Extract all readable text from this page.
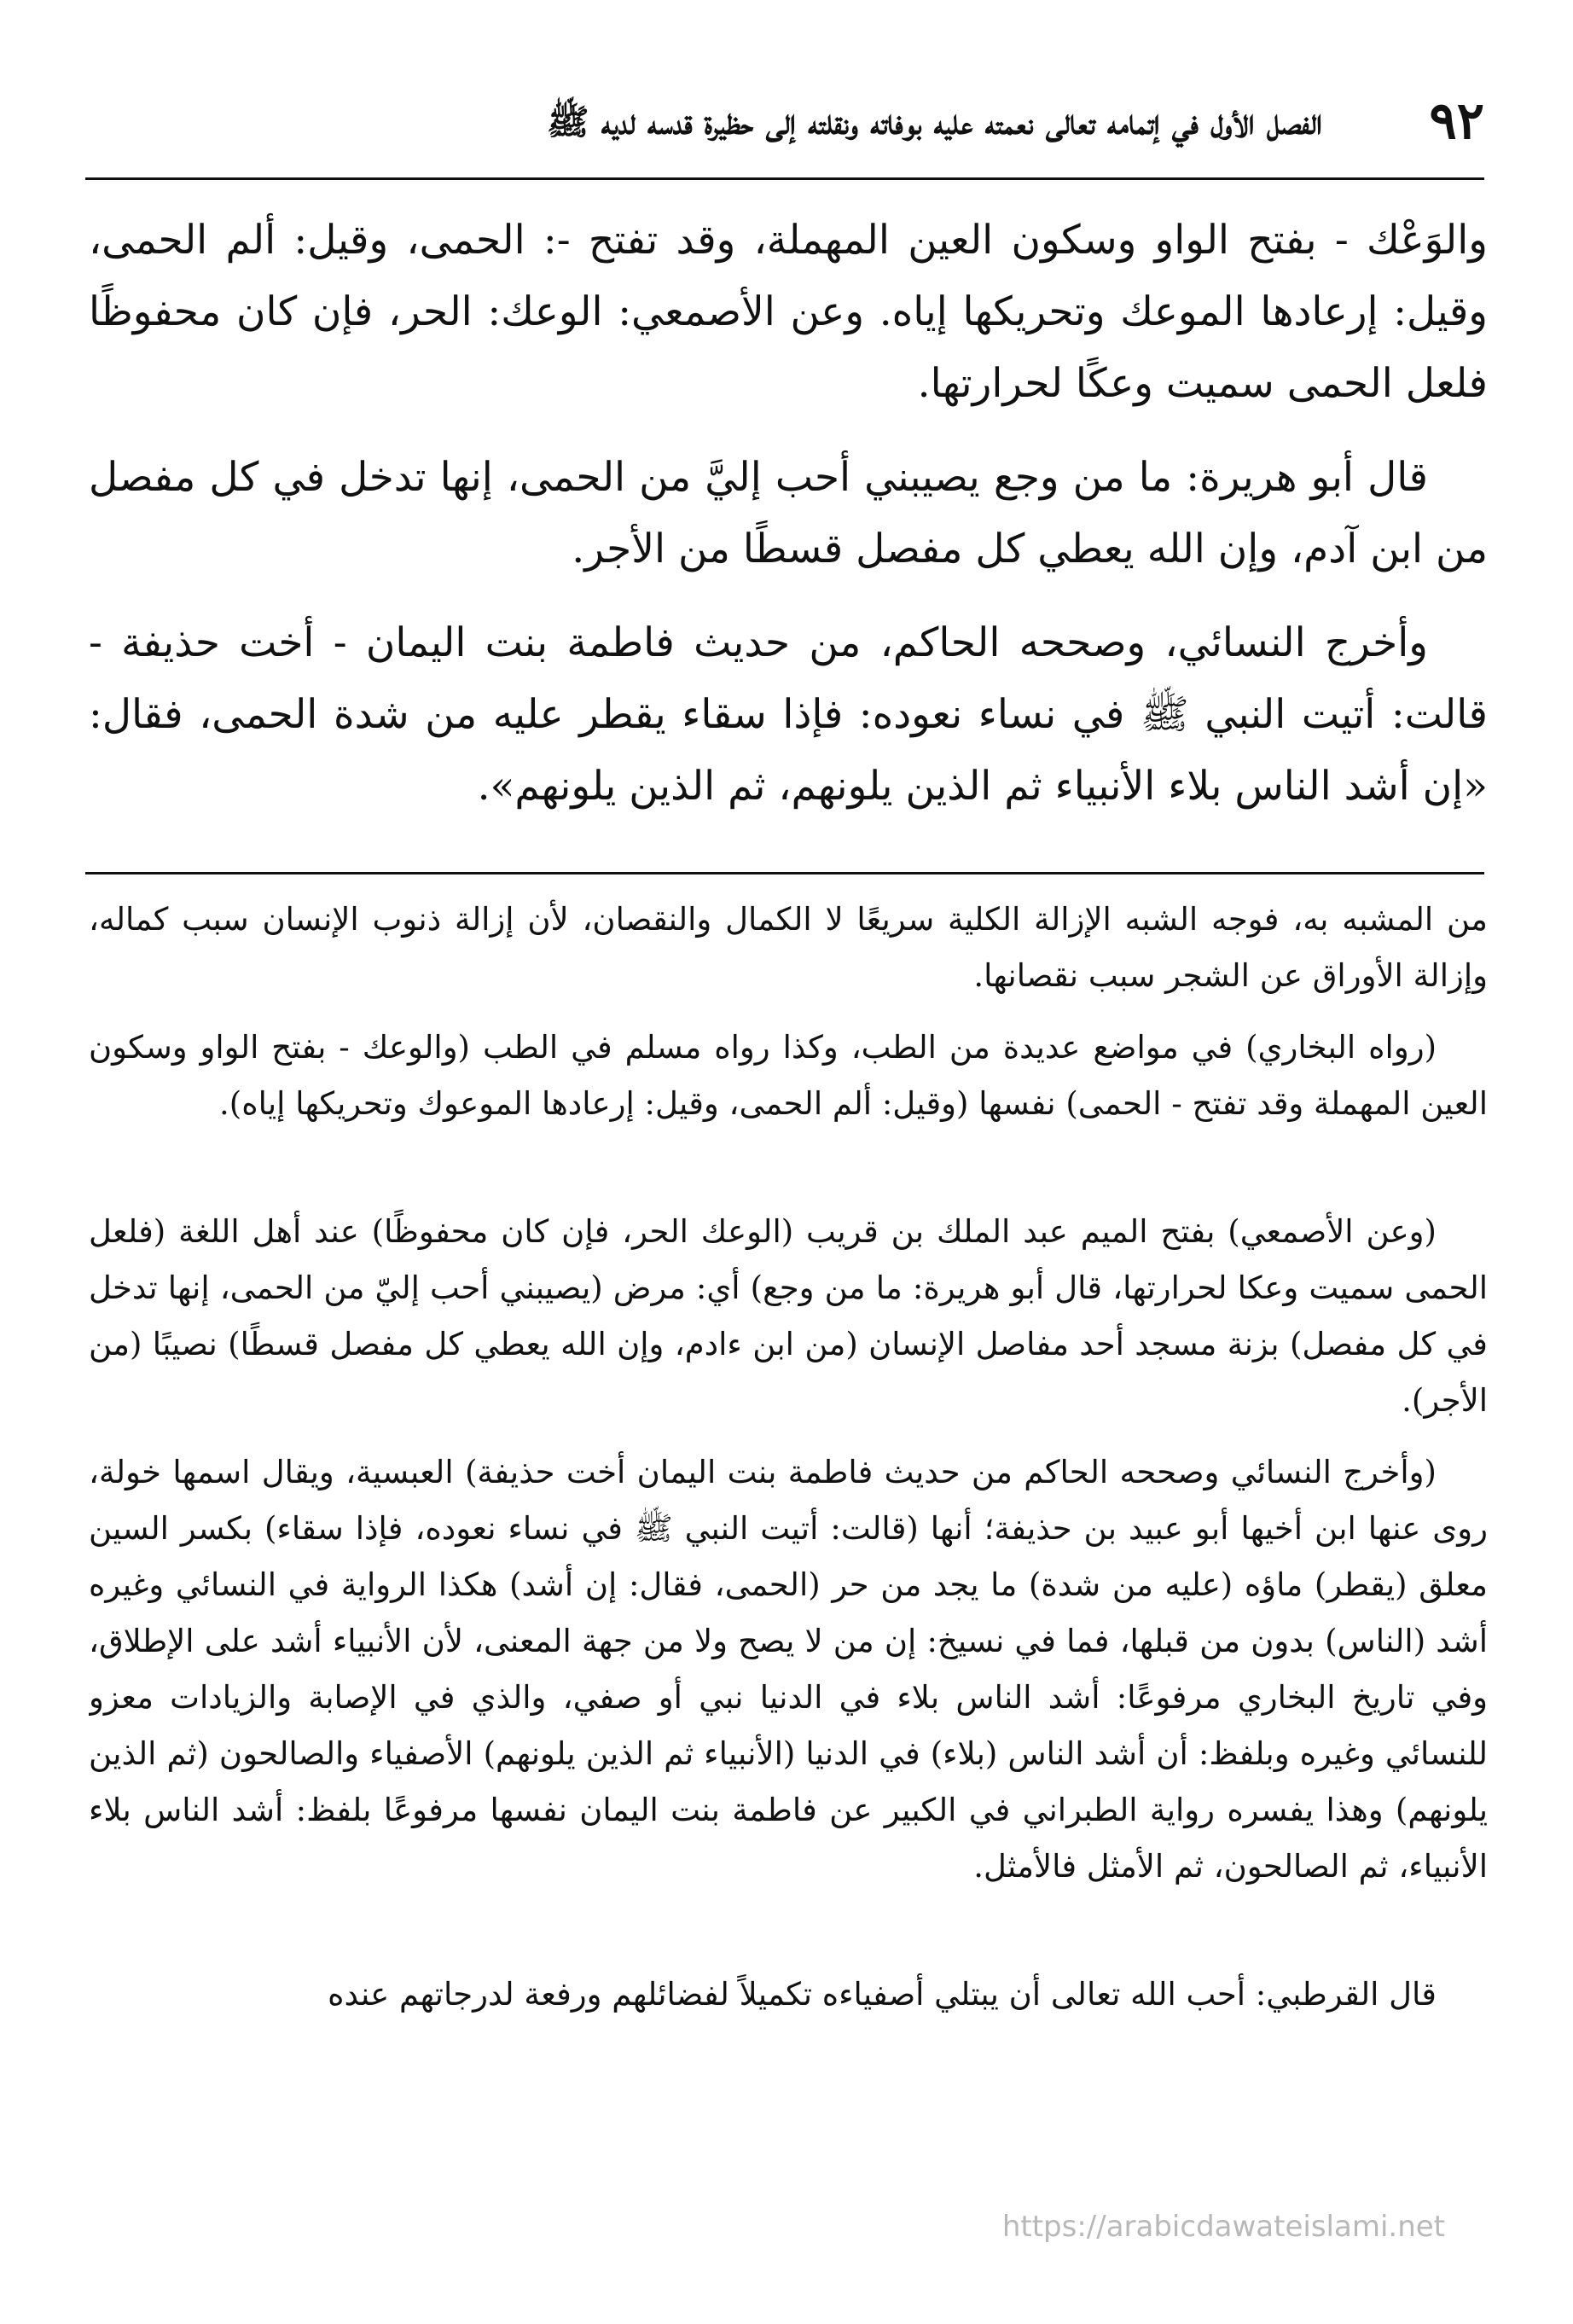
٩٢
الفصل الأول في إتمامه تعالى نعمته عليه بوفاته ونقلته إلى حظيرة قدسه لديه ﷺ

والوَعْك - بفتح الواو وسكون العين المهملة، وقد تفتح -: الحمى، وقيل: ألم الحمى، وقيل: إرعادها الموعك وتحريكها إياه. وعن الأصمعي: الوعك: الحر، فإن كان محفوظًا فلعل الحمى سميت وعكًا لحرارتها.

قال أبو هريرة: ما من وجع يصيبني أحب إليَّ من الحمى، إنها تدخل في كل مفصل من ابن آدم، وإن الله يعطي كل مفصل قسطًا من الأجر.

وأخرج النسائي، وصححه الحاكم، من حديث فاطمة بنت اليمان - أخت حذيفة - قالت: أتيت النبي ﷺ في نساء نعوده: فإذا سقاء يقطر عليه من شدة الحمى، فقال: «إن أشد الناس بلاء الأنبياء ثم الذين يلونهم، ثم الذين يلونهم».

من المشبه به، فوجه الشبه الإزالة الكلية سريعًا لا الكمال والنقصان، لأن إزالة ذنوب الإنسان سبب كماله، وإزالة الأوراق عن الشجر سبب نقصانها.

(رواه البخاري) في مواضع عديدة من الطب، وكذا رواه مسلم في الطب (والوعك - بفتح الواو وسكون العين المهملة وقد تفتح - الحمى) نفسها (وقيل: ألم الحمى، وقيل: إرعادها الموعوك وتحريكها إياه).

(وعن الأصمعي) بفتح الميم عبد الملك بن قريب (الوعك الحر، فإن كان محفوظًا) عند أهل اللغة (فلعل الحمى سميت وعكا لحرارتها، قال أبو هريرة: ما من وجع) أي: مرض (يصيبني أحب إليّ من الحمى، إنها تدخل في كل مفصل) بزنة مسجد أحد مفاصل الإنسان (من ابن ءادم، وإن الله يعطي كل مفصل قسطًا) نصيبًا (من الأجر).

(وأخرج النسائي وصححه الحاكم من حديث فاطمة بنت اليمان أخت حذيفة) العبسية، ويقال اسمها خولة، روى عنها ابن أخيها أبو عبيد بن حذيفة؛ أنها (قالت: أتيت النبي ﷺ في نساء نعوده، فإذا سقاء) بكسر السين معلق (يقطر) ماؤه (عليه من شدة) ما يجد من حر (الحمى، فقال: إن أشد) هكذا الرواية في النسائي وغيره أشد (الناس) بدون من قبلها، فما في نسيخ: إن من لا يصح ولا من جهة المعنى، لأن الأنبياء أشد على الإطلاق، وفي تاريخ البخاري مرفوعًا: أشد الناس بلاء في الدنيا نبي أو صفي، والذي في الإصابة والزيادات معزو للنسائي وغيره وبلفظ: أن أشد الناس (بلاء) في الدنيا (الأنبياء ثم الذين يلونهم) الأصفياء والصالحون (ثم الذين يلونهم) وهذا يفسره رواية الطبراني في الكبير عن فاطمة بنت اليمان نفسها مرفوعًا بلفظ: أشد الناس بلاء الأنبياء، ثم الصالحون، ثم الأمثل فالأمثل.

قال القرطبي: أحب الله تعالى أن يبتلي أصفياءه تكميلاً لفضائلهم ورفعة لدرجاتهم عنده

https://arabicdawateislami.net
